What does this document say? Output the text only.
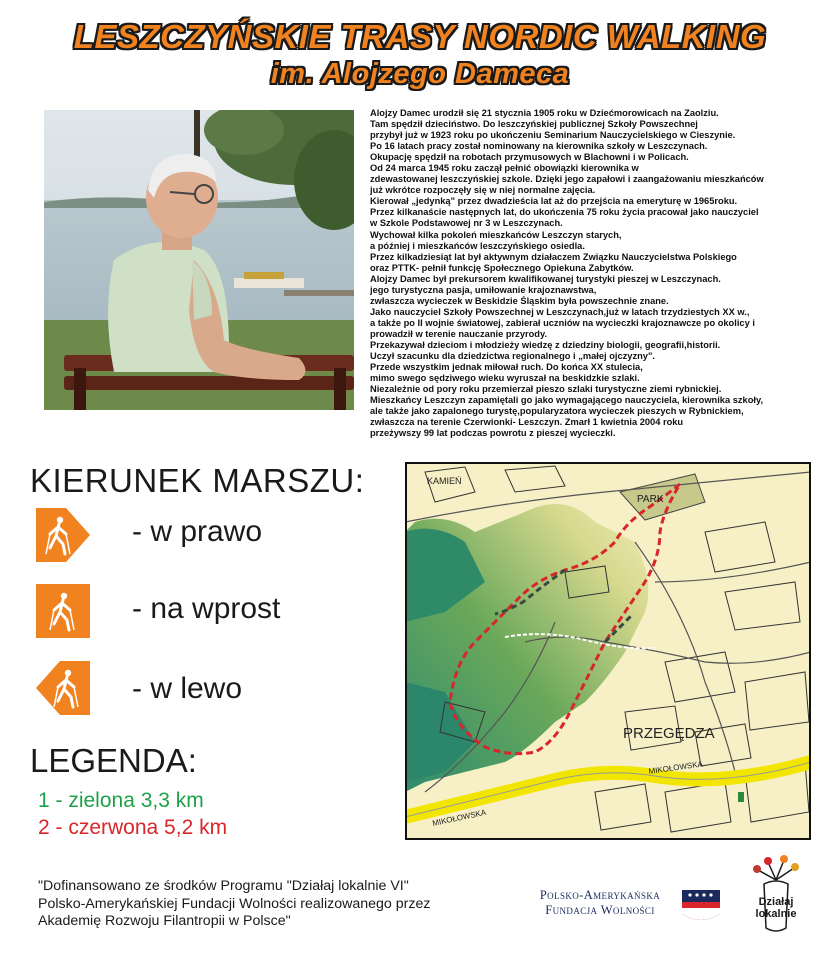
LESZCZYŃSKIE TRASY NORDIC WALKING
im. Alojzego Dameca
Alojzy Damec urodził się 21 stycznia 1905 roku w Dziećmorowicach na Zaolziu.
Tam spędził dzieciństwo. Do leszczyńskiej publicznej Szkoły Powszechnej
przybył już w 1923 roku po ukończeniu Seminarium Nauczycielskiego w Cieszynie.
Po 16 latach pracy został nominowany na kierownika szkoły w Leszczynach.
Okupację spędził na robotach przymusowych w Blachowni i w Policach.
Od 24 marca 1945 roku zaczął pełnić obowiązki kierownika w
zdewastowanej leszczyńskiej szkole. Dzięki jego zapałowi i zaangażowaniu mieszkańców
już wkrótce rozpoczęły się w niej normalne zajęcia.
Kierował „jedynką" przez dwadzieścia lat aż do przejścia na emeryturę w 1965roku.
Przez kilkanaście następnych lat, do ukończenia 75 roku życia pracował jako nauczyciel
w Szkole Podstawowej nr 3 w Leszczynach.
Wychował kilka pokoleń mieszkańców Leszczyn starych,
a później i mieszkańców leszczyńskiego osiedla.
Przez kilkadziesiąt lat był aktywnym działaczem Związku Nauczycielstwa Polskiego
oraz PTTK- pełnił funkcję Społecznego Opiekuna Zabytków.
Alojzy Damec był prekursorem kwalifikowanej turystyki pieszej w Leszczynach.
jego turystyczna pasja, umiłowanie krajoznawstwa,
zwłaszcza wycieczek w Beskidzie Śląskim była powszechnie znane.
Jako nauczyciel Szkoły Powszechnej w Leszczynach,już w latach trzydziestych XX w.,
a także po II wojnie światowej, zabierał uczniów na wycieczki krajoznawcze po okolicy i
prowadził w terenie nauczanie przyrody.
Przekazywał dzieciom i młodzieży wiedzę z dziedziny biologii, geografii,historii.
Uczył szacunku dla dziedzictwa regionalnego i „małej ojczyzny".
Przede wszystkim jednak miłował ruch. Do końca XX stulecia,
mimo swego sędziwego wieku wyruszał na beskidzkie szlaki.
Niezależnie od pory roku przemierzał pieszo szlaki turystyczne ziemi rybnickiej.
Mieszkańcy Leszczyn zapamiętali go jako wymagającego nauczyciela, kierownika szkoły,
ale także jako zapalonego turystę,popularyzatora wycieczek pieszych w Rybnickiem,
zwłaszcza na terenie Czerwionki- Leszczyn. Zmarł 1 kwietnia 2004 roku
przeżywszy 99 lat podczas powrotu z pieszej wycieczki.
KIERUNEK MARSZU:
- w prawo
- na wprost
- w lewo
LEGENDA:
1 - zielona 3,3 km
2 - czerwona 5,2 km
KAMIEŃ
PARK
PRZEGĘDZA
MIKOŁOWSKA
MIKOŁOWSKA
"Dofinansowano ze środków Programu "Działaj lokalnie VI"
Polsko-Amerykańskiej Fundacji Wolności realizowanego przez
Akademię Rozwoju Filantropii w Polsce"
Polsko-Amerykańska
Fundacja Wolności
Działaj
lokalnie
